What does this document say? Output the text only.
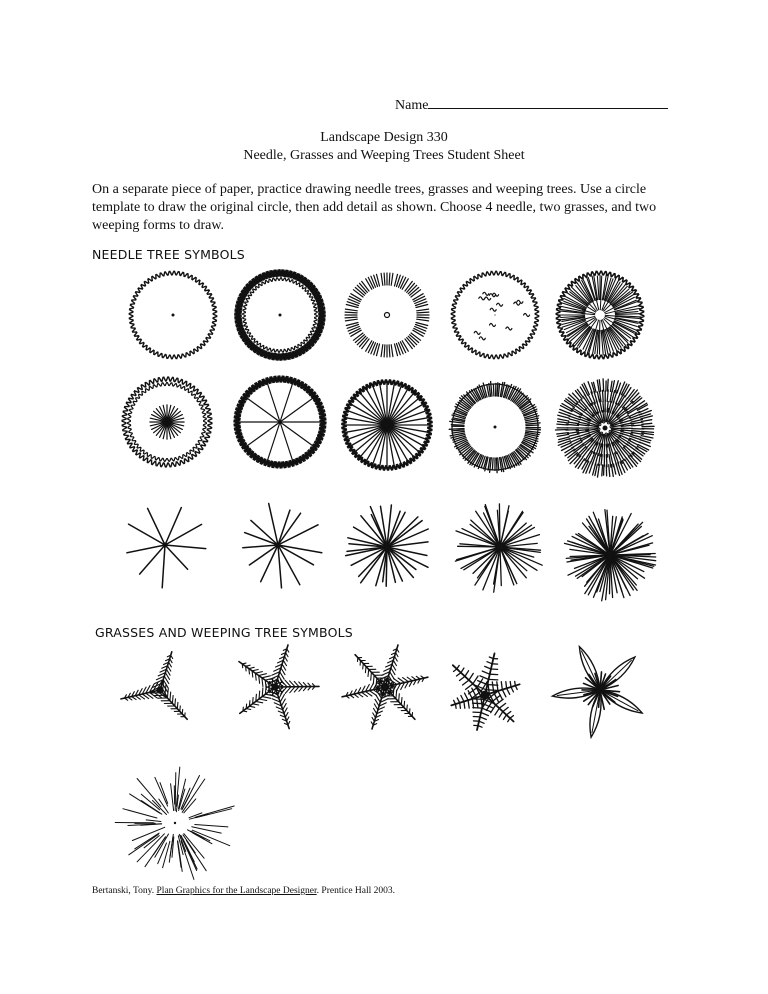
Name
Landscape Design 330
Needle, Grasses and Weeping Trees Student Sheet
On a separate piece of paper, practice drawing needle trees, grasses and weeping trees. Use a circle template to draw the original circle, then add detail as shown. Choose 4 needle, two grasses, and two weeping forms to draw.
NEEDLE TREE SYMBOLS
GRASSES AND WEEPING TREE SYMBOLS
Bertanski, Tony. Plan Graphics for the Landscape Designer. Prentice Hall 2003.
